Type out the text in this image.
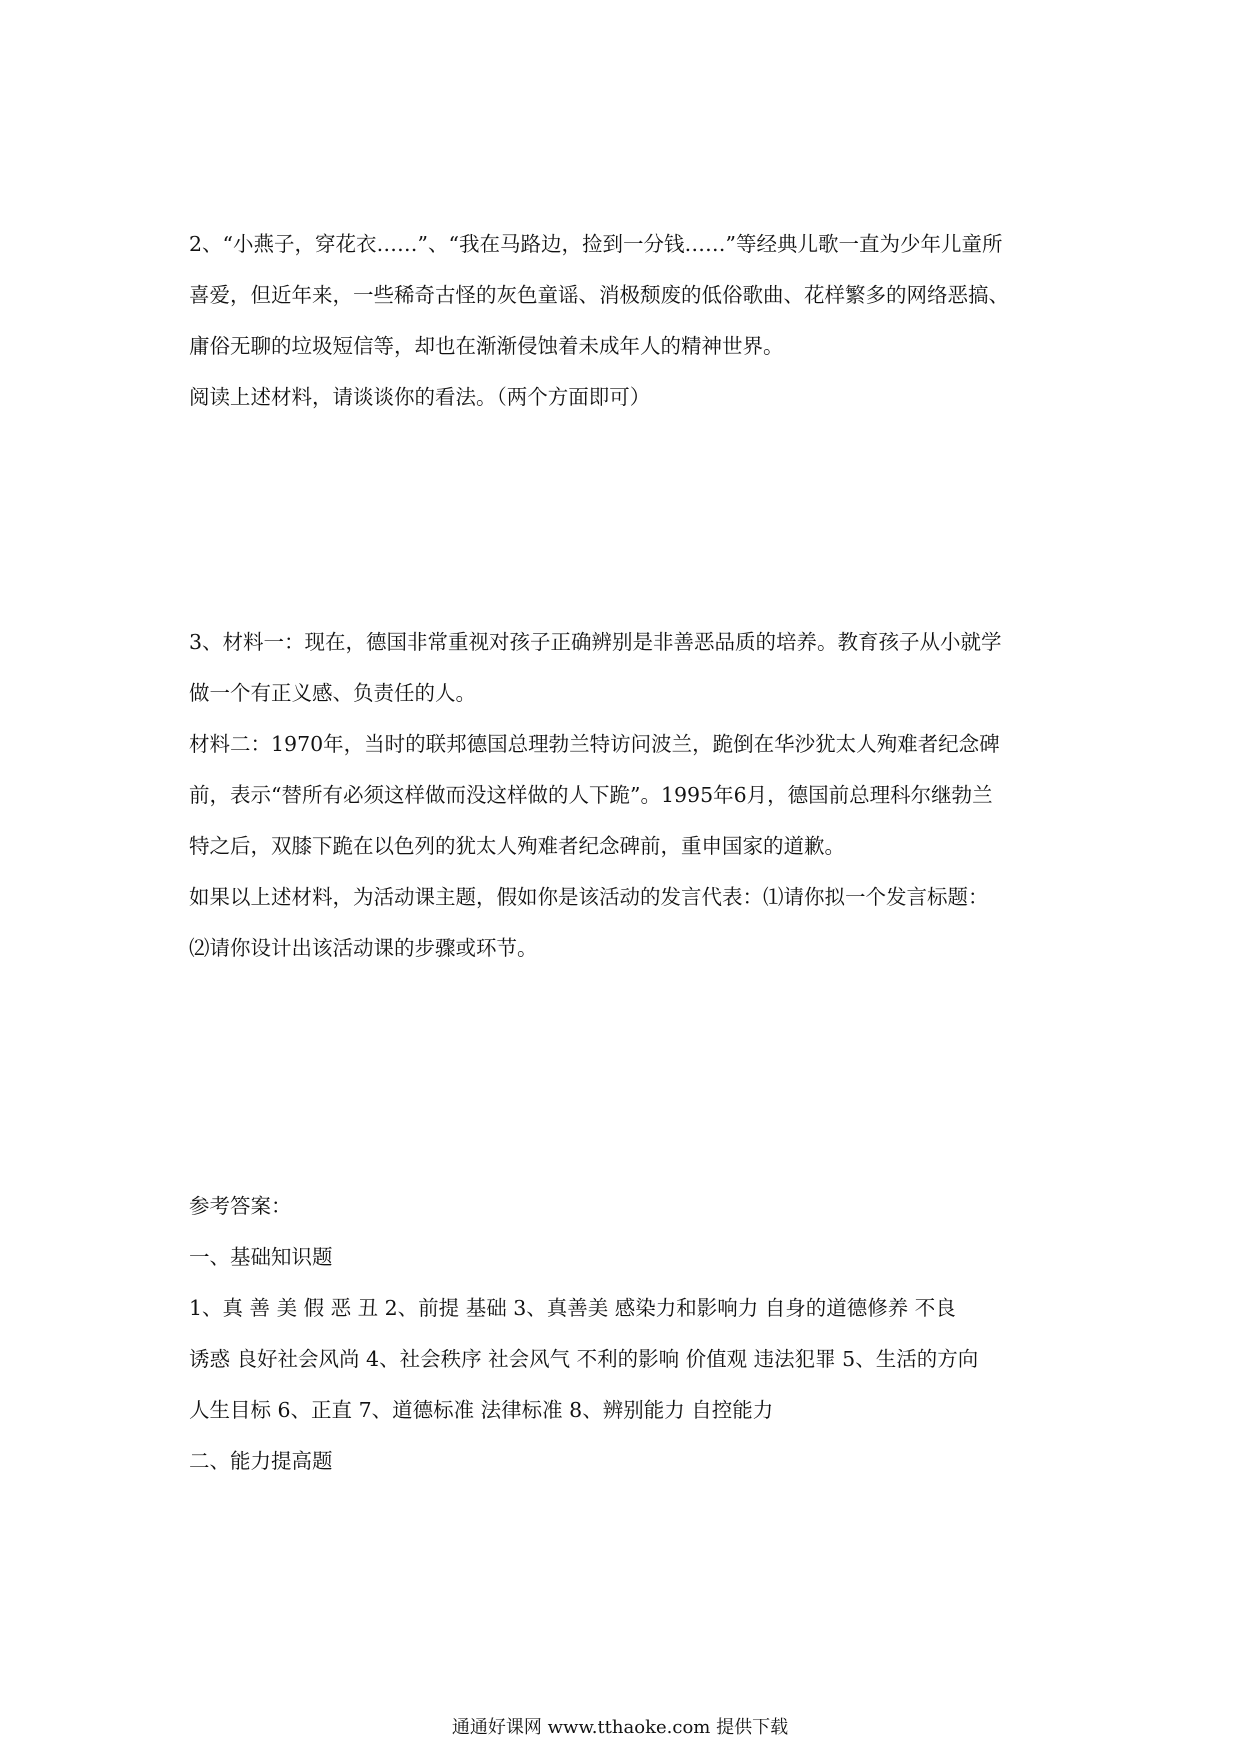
2、“小燕子，穿花衣……”、“我在马路边，捡到一分钱……”等经典儿歌一直为少年儿童所
喜爱，但近年来，一些稀奇古怪的灰色童谣、消极颓废的低俗歌曲、花样繁多的网络恶搞、
庸俗无聊的垃圾短信等，却也在渐渐侵蚀着未成年人的精神世界。
阅读上述材料，请谈谈你的看法。（两个方面即可）
3、材料一：现在，德国非常重视对孩子正确辨别是非善恶品质的培养。教育孩子从小就学
做一个有正义感、负责任的人。
材料二：1970年，当时的联邦德国总理勃兰特访问波兰，跪倒在华沙犹太人殉难者纪念碑
前，表示“替所有必须这样做而没这样做的人下跪”。1995年6月，德国前总理科尔继勃兰
特之后，双膝下跪在以色列的犹太人殉难者纪念碑前，重申国家的道歉。
如果以上述材料，为活动课主题，假如你是该活动的发言代表：⑴请你拟一个发言标题：
⑵请你设计出该活动课的步骤或环节。
参考答案：
一、基础知识题
1、真 善 美 假 恶 丑 2、前提 基础 3、真善美 感染力和影响力 自身的道德修养 不良
诱惑 良好社会风尚 4、社会秩序 社会风气 不利的影响 价值观 违法犯罪 5、生活的方向
人生目标 6、正直 7、道德标准 法律标准 8、辨别能力 自控能力
二、能力提高题
通通好课网 www.tthaoke.com 提供下载
